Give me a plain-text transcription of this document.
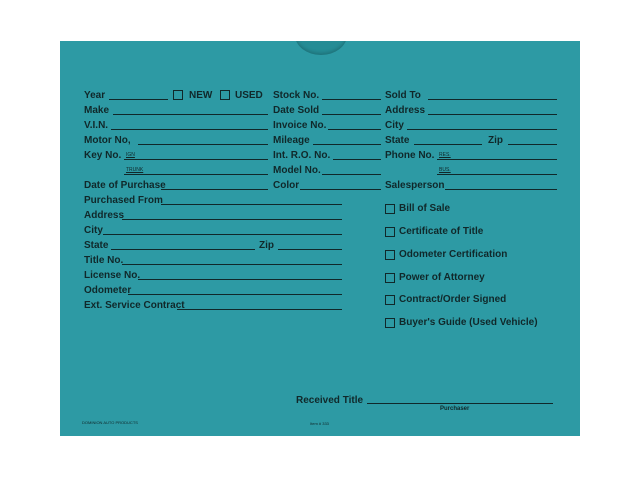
Year	NEW USED
Make
V.I.N.
Motor No,
Key No. IGN
TRUNK
Date of Purchase
Purchased From
Address
City
State	Zip
Title No.
License No.
Odometer
Ext. Service Contract
Stock No.
Date Sold
Invoice No.
Mileage
Int. R.O. No.
Model No.
Color
Sold To
Address
City
State	Zip
Phone No. RES.
BUS.
Salesperson
Bill of Sale
Certificate of Title
Odometer Certification
Power of Attorney
Contract/Order Signed
Buyer's Guide (Used Vehicle)
Received Title
Purchaser
DOMINION AUTO PRODUCTS	Item # 333
